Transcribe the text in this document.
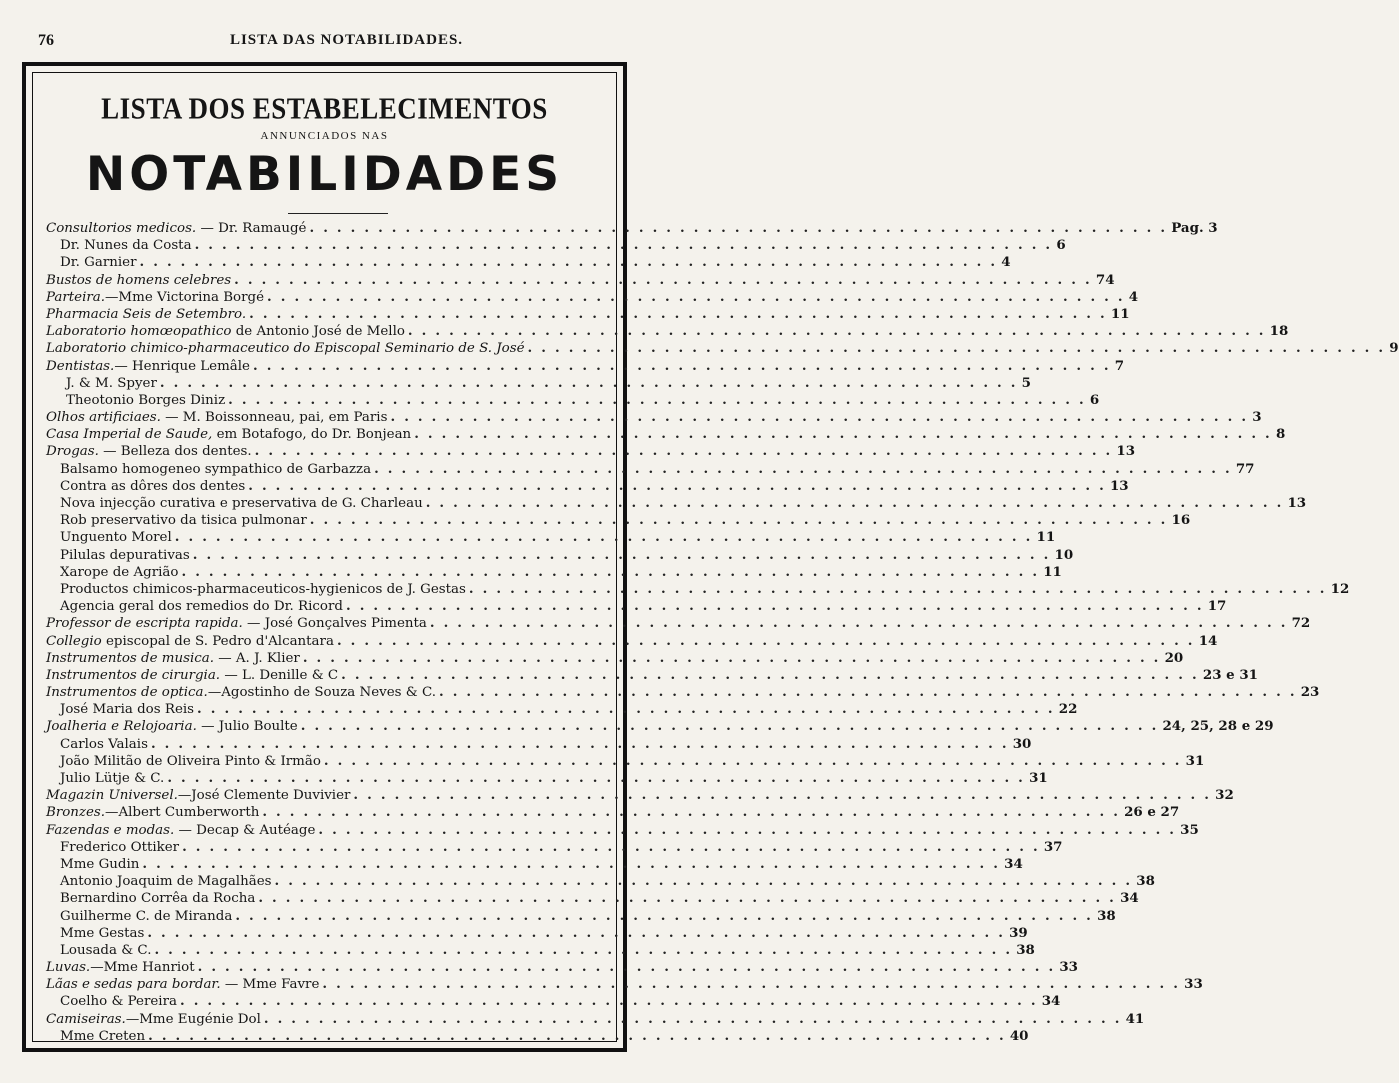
76	LISTA DAS NOTABILIDADES.
LISTA DOS ESTABELECIMENTOS
ANNUNCIADOS NAS
NOTABILIDADES
Consultorios medicos. — Dr. Ramaugé . . . . . . . . . . . . . . . . . . . . . . . . . . . . . . . . . . . . . . . . . . . . . . . . . . . . . . . . . . . . . . . Pag. 3
Dr. Nunes da Costa . . . . . . . . . . . . . . . . . . . . . . . . . . . . . . . . . . . . . . . . . . . . . . . . . . . . . . . . . . . . . . . 6
Dr. Garnier . . . . . . . . . . . . . . . . . . . . . . . . . . . . . . . . . . . . . . . . . . . . . . . . . . . . . . . . . . . . . . . 4
Bustos de homens celebres . . . . . . . . . . . . . . . . . . . . . . . . . . . . . . . . . . . . . . . . . . . . . . . . . . . . . . . . . . . . . . . 74
Parteira.—Mme Victorina Borgé . . . . . . . . . . . . . . . . . . . . . . . . . . . . . . . . . . . . . . . . . . . . . . . . . . . . . . . . . . . . . . . 4
Pharmacia Seis de Setembro. . . . . . . . . . . . . . . . . . . . . . . . . . . . . . . . . . . . . . . . . . . . . . . . . . . . . . . . . . . . . . . . 11
Laboratorio homœopathico de Antonio José de Mello . . . . . . . . . . . . . . . . . . . . . . . . . . . . . . . . . . . . . . . . . . . . . . . . . . . . . . . . . . . . . . . 18
Laboratorio chimico-pharmaceutico do Episcopal Seminario de S. José . . . . . . . . . . . . . . . . . . . . . . . . . . . . . . . . . . . . . . . . . . . . . . . . . . . . . . . . . . . . . . . 9
Dentistas.— Henrique Lemâle . . . . . . . . . . . . . . . . . . . . . . . . . . . . . . . . . . . . . . . . . . . . . . . . . . . . . . . . . . . . . . . 7
J. & M. Spyer . . . . . . . . . . . . . . . . . . . . . . . . . . . . . . . . . . . . . . . . . . . . . . . . . . . . . . . . . . . . . . . 5
Theotonio Borges Diniz . . . . . . . . . . . . . . . . . . . . . . . . . . . . . . . . . . . . . . . . . . . . . . . . . . . . . . . . . . . . . . . 6
Olhos artificiaes. — M. Boissonneau, pai, em Paris . . . . . . . . . . . . . . . . . . . . . . . . . . . . . . . . . . . . . . . . . . . . . . . . . . . . . . . . . . . . . . . 3
Casa Imperial de Saude, em Botafogo, do Dr. Bonjean . . . . . . . . . . . . . . . . . . . . . . . . . . . . . . . . . . . . . . . . . . . . . . . . . . . . . . . . . . . . . . . 8
Drogas. — Belleza dos dentes. . . . . . . . . . . . . . . . . . . . . . . . . . . . . . . . . . . . . . . . . . . . . . . . . . . . . . . . . . . . . . . . 13
Balsamo homogeneo sympathico de Garbazza . . . . . . . . . . . . . . . . . . . . . . . . . . . . . . . . . . . . . . . . . . . . . . . . . . . . . . . . . . . . . . . 77
Contra as dôres dos dentes . . . . . . . . . . . . . . . . . . . . . . . . . . . . . . . . . . . . . . . . . . . . . . . . . . . . . . . . . . . . . . . 13
Nova injecção curativa e preservativa de G. Charleau . . . . . . . . . . . . . . . . . . . . . . . . . . . . . . . . . . . . . . . . . . . . . . . . . . . . . . . . . . . . . . . 13
Rob preservativo da tisica pulmonar . . . . . . . . . . . . . . . . . . . . . . . . . . . . . . . . . . . . . . . . . . . . . . . . . . . . . . . . . . . . . . . 16
Unguento Morel . . . . . . . . . . . . . . . . . . . . . . . . . . . . . . . . . . . . . . . . . . . . . . . . . . . . . . . . . . . . . . . 11
Pilulas depurativas . . . . . . . . . . . . . . . . . . . . . . . . . . . . . . . . . . . . . . . . . . . . . . . . . . . . . . . . . . . . . . . 10
Xarope de Agrião . . . . . . . . . . . . . . . . . . . . . . . . . . . . . . . . . . . . . . . . . . . . . . . . . . . . . . . . . . . . . . . 11
Productos chimicos-pharmaceuticos-hygienicos de J. Gestas . . . . . . . . . . . . . . . . . . . . . . . . . . . . . . . . . . . . . . . . . . . . . . . . . . . . . . . . . . . . . . . 12
Agencia geral dos remedios do Dr. Ricord . . . . . . . . . . . . . . . . . . . . . . . . . . . . . . . . . . . . . . . . . . . . . . . . . . . . . . . . . . . . . . . 17
Professor de escripta rapida. — José Gonçalves Pimenta . . . . . . . . . . . . . . . . . . . . . . . . . . . . . . . . . . . . . . . . . . . . . . . . . . . . . . . . . . . . . . . 72
Collegio episcopal de S. Pedro d'Alcantara . . . . . . . . . . . . . . . . . . . . . . . . . . . . . . . . . . . . . . . . . . . . . . . . . . . . . . . . . . . . . . . 14
Instrumentos de musica. — A. J. Klier . . . . . . . . . . . . . . . . . . . . . . . . . . . . . . . . . . . . . . . . . . . . . . . . . . . . . . . . . . . . . . . 20
Instrumentos de cirurgia. — L. Denille & C . . . . . . . . . . . . . . . . . . . . . . . . . . . . . . . . . . . . . . . . . . . . . . . . . . . . . . . . . . . . . . . 23 e 31
Instrumentos de optica.—Agostinho de Souza Neves & C. . . . . . . . . . . . . . . . . . . . . . . . . . . . . . . . . . . . . . . . . . . . . . . . . . . . . . . . . . . . . . . . 23
José Maria dos Reis . . . . . . . . . . . . . . . . . . . . . . . . . . . . . . . . . . . . . . . . . . . . . . . . . . . . . . . . . . . . . . . 22
Joalheria e Relojoaria. — Julio Boulte . . . . . . . . . . . . . . . . . . . . . . . . . . . . . . . . . . . . . . . . . . . . . . . . . . . . . . . . . . . . . . . 24, 25, 28 e 29
Carlos Valais . . . . . . . . . . . . . . . . . . . . . . . . . . . . . . . . . . . . . . . . . . . . . . . . . . . . . . . . . . . . . . . 30
João Militão de Oliveira Pinto & Irmão . . . . . . . . . . . . . . . . . . . . . . . . . . . . . . . . . . . . . . . . . . . . . . . . . . . . . . . . . . . . . . . 31
Julio Lütje & C. . . . . . . . . . . . . . . . . . . . . . . . . . . . . . . . . . . . . . . . . . . . . . . . . . . . . . . . . . . . . . . . 31
Magazin Universel.—José Clemente Duvivier . . . . . . . . . . . . . . . . . . . . . . . . . . . . . . . . . . . . . . . . . . . . . . . . . . . . . . . . . . . . . . . 32
Bronzes.—Albert Cumberworth . . . . . . . . . . . . . . . . . . . . . . . . . . . . . . . . . . . . . . . . . . . . . . . . . . . . . . . . . . . . . . . 26 e 27
Fazendas e modas. — Decap & Autéage . . . . . . . . . . . . . . . . . . . . . . . . . . . . . . . . . . . . . . . . . . . . . . . . . . . . . . . . . . . . . . . 35
Frederico Ottiker . . . . . . . . . . . . . . . . . . . . . . . . . . . . . . . . . . . . . . . . . . . . . . . . . . . . . . . . . . . . . . . 37
Mme Gudin . . . . . . . . . . . . . . . . . . . . . . . . . . . . . . . . . . . . . . . . . . . . . . . . . . . . . . . . . . . . . . . 34
Antonio Joaquim de Magalhães . . . . . . . . . . . . . . . . . . . . . . . . . . . . . . . . . . . . . . . . . . . . . . . . . . . . . . . . . . . . . . . 38
Bernardino Corrêa da Rocha . . . . . . . . . . . . . . . . . . . . . . . . . . . . . . . . . . . . . . . . . . . . . . . . . . . . . . . . . . . . . . . 34
Guilherme C. de Miranda . . . . . . . . . . . . . . . . . . . . . . . . . . . . . . . . . . . . . . . . . . . . . . . . . . . . . . . . . . . . . . . 38
Mme Gestas . . . . . . . . . . . . . . . . . . . . . . . . . . . . . . . . . . . . . . . . . . . . . . . . . . . . . . . . . . . . . . . 39
Lousada & C. . . . . . . . . . . . . . . . . . . . . . . . . . . . . . . . . . . . . . . . . . . . . . . . . . . . . . . . . . . . . . . . 38
Luvas.—Mme Hanriot . . . . . . . . . . . . . . . . . . . . . . . . . . . . . . . . . . . . . . . . . . . . . . . . . . . . . . . . . . . . . . . 33
Lãas e sedas para bordar. — Mme Favre . . . . . . . . . . . . . . . . . . . . . . . . . . . . . . . . . . . . . . . . . . . . . . . . . . . . . . . . . . . . . . . 33
Coelho & Pereira . . . . . . . . . . . . . . . . . . . . . . . . . . . . . . . . . . . . . . . . . . . . . . . . . . . . . . . . . . . . . . . 34
Camiseiras.—Mme Eugénie Dol . . . . . . . . . . . . . . . . . . . . . . . . . . . . . . . . . . . . . . . . . . . . . . . . . . . . . . . . . . . . . . . 41
Mme Creten . . . . . . . . . . . . . . . . . . . . . . . . . . . . . . . . . . . . . . . . . . . . . . . . . . . . . . . . . . . . . . . 40
